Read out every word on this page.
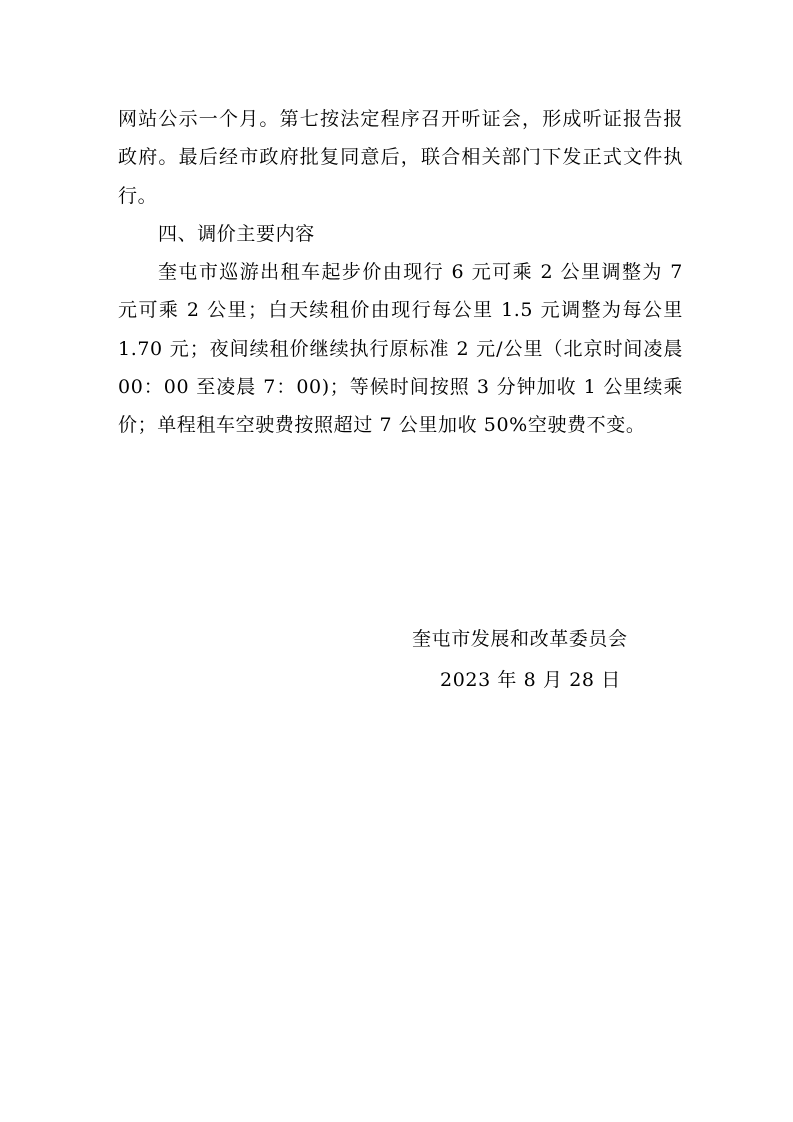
网站公示一个月。第七按法定程序召开听证会，形成听证报告报政府。最后经市政府批复同意后，联合相关部门下发正式文件执行。

四、调价主要内容

奎屯市巡游出租车起步价由现行 6 元可乘 2 公里调整为 7 元可乘 2 公里；白天续租价由现行每公里 1.5 元调整为每公里 1.70 元；夜间续租价继续执行原标准 2 元/公里（北京时间凌晨 00：00 至凌晨 7：00)；等候时间按照 3 分钟加收 1 公里续乘价；单程租车空驶费按照超过 7 公里加收 50%空驶费不变。

奎屯市发展和改革委员会
2023 年 8 月 28 日
